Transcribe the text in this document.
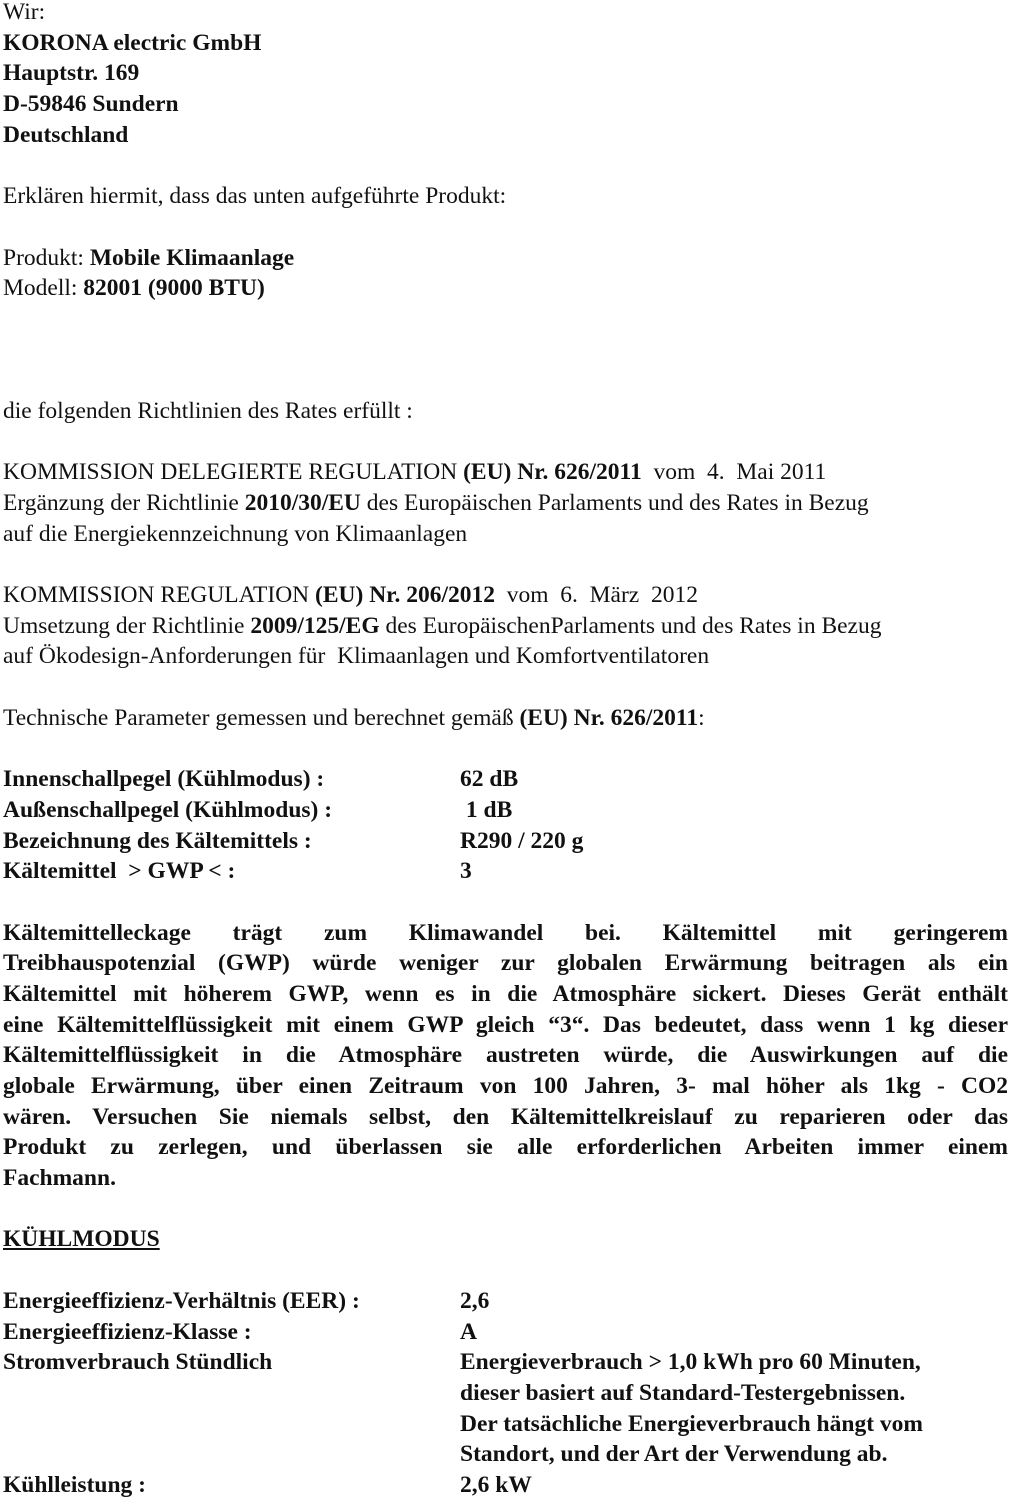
Wir:
KORONA electric GmbH
Hauptstr. 169
D-59846 Sundern
Deutschland
Erklären hiermit, dass das unten aufgeführte Produkt:
Produkt: Mobile Klimaanlage
Modell: 82001 (9000 BTU)
die folgenden Richtlinien des Rates erfüllt :
KOMMISSION DELEGIERTE REGULATION (EU) Nr. 626/2011  vom  4.  Mai 2011
Ergänzung der Richtlinie 2010/30/EU des Europäischen Parlaments und des Rates in Bezug
auf die Energiekennzeichnung von Klimaanlagen
KOMMISSION REGULATION (EU) Nr. 206/2012  vom  6.  März  2012
Umsetzung der Richtlinie 2009/125/EG des EuropäischenParlaments und des Rates in Bezug
auf Ökodesign-Anforderungen für  Klimaanlagen und Komfortventilatoren
Technische Parameter gemessen und berechnet gemäß (EU) Nr. 626/2011:
Innenschallpegel (Kühlmodus) :	62 dB
Außenschallpegel (Kühlmodus) :	1 dB
Bezeichnung des Kältemittels :	R290 / 220 g
Kältemittel  > GWP < :	3
Kältemittelleckage trägt zum Klimawandel bei. Kältemittel mit geringerem
Treibhauspotenzial (GWP) würde weniger zur globalen Erwärmung beitragen als ein
Kältemittel mit höherem GWP, wenn es in die Atmosphäre sickert. Dieses Gerät enthält
eine Kältemittelflüssigkeit mit einem GWP gleich “3“. Das bedeutet, dass wenn 1 kg dieser
Kältemittelflüssigkeit in die Atmosphäre austreten würde, die Auswirkungen auf die
globale Erwärmung, über einen Zeitraum von 100 Jahren, 3- mal höher als 1kg - CO2
wären. Versuchen Sie niemals selbst, den Kältemittelkreislauf zu reparieren oder das
Produkt zu zerlegen, und überlassen sie alle erforderlichen Arbeiten immer einem
Fachmann.
KÜHLMODUS
Energieeffizienz-Verhältnis (EER) :	2,6
Energieeffizienz-Klasse :	A
Stromverbrauch Stündlich	Energieverbrauch > 1,0 kWh pro 60 Minuten,
dieser basiert auf Standard-Testergebnissen.
Der tatsächliche Energieverbrauch hängt vom
Standort, und der Art der Verwendung ab.
Kühlleistung :	2,6 kW
